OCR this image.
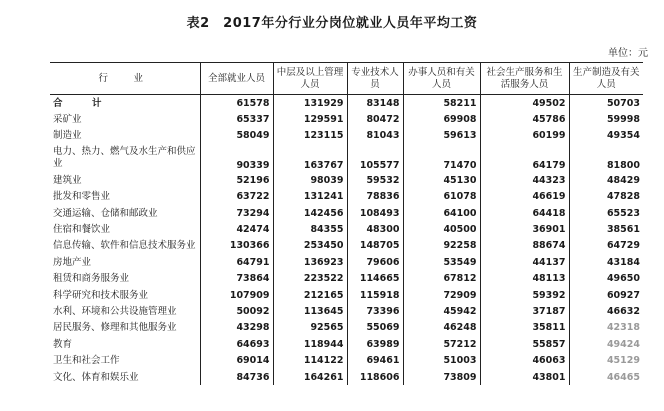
表2　2017年分行业分岗位就业人员年平均工资
单位：元
行　业	全部就业人员	中层及以上管理人员	专业技术人员	办事人员和有关人员	社会生产服务和生活服务人员	生产制造及有关人员
合　计	61578	131929	83148	58211	49502	50703
采矿业	65337	129591	80472	69908	45786	59998
制造业	58049	123115	81043	59613	60199	49354
电力、热力、燃气及水生产和供应业	90339	163767	105577	71470	64179	81800
建筑业	52196	98039	59532	45130	44323	48429
批发和零售业	63722	131241	78836	61078	46619	47828
交通运输、仓储和邮政业	73294	142456	108493	64100	64418	65523
住宿和餐饮业	42474	84355	48300	40500	36901	38561
信息传输、软件和信息技术服务业	130366	253450	148705	92258	88674	64729
房地产业	64791	136923	79606	53549	44137	43184
租赁和商务服务业	73864	223522	114665	67812	48113	49650
科学研究和技术服务业	107909	212165	115918	72909	59392	60927
水利、环境和公共设施管理业	50092	113645	73396	45942	37187	46632
居民服务、修理和其他服务业	43298	92565	55069	46248	35811	42318
教育	64693	118944	63989	57212	55857	49424
卫生和社会工作	69014	114122	69461	51003	46063	45129
文化、体育和娱乐业	84736	164261	118606	73809	43801	46465
